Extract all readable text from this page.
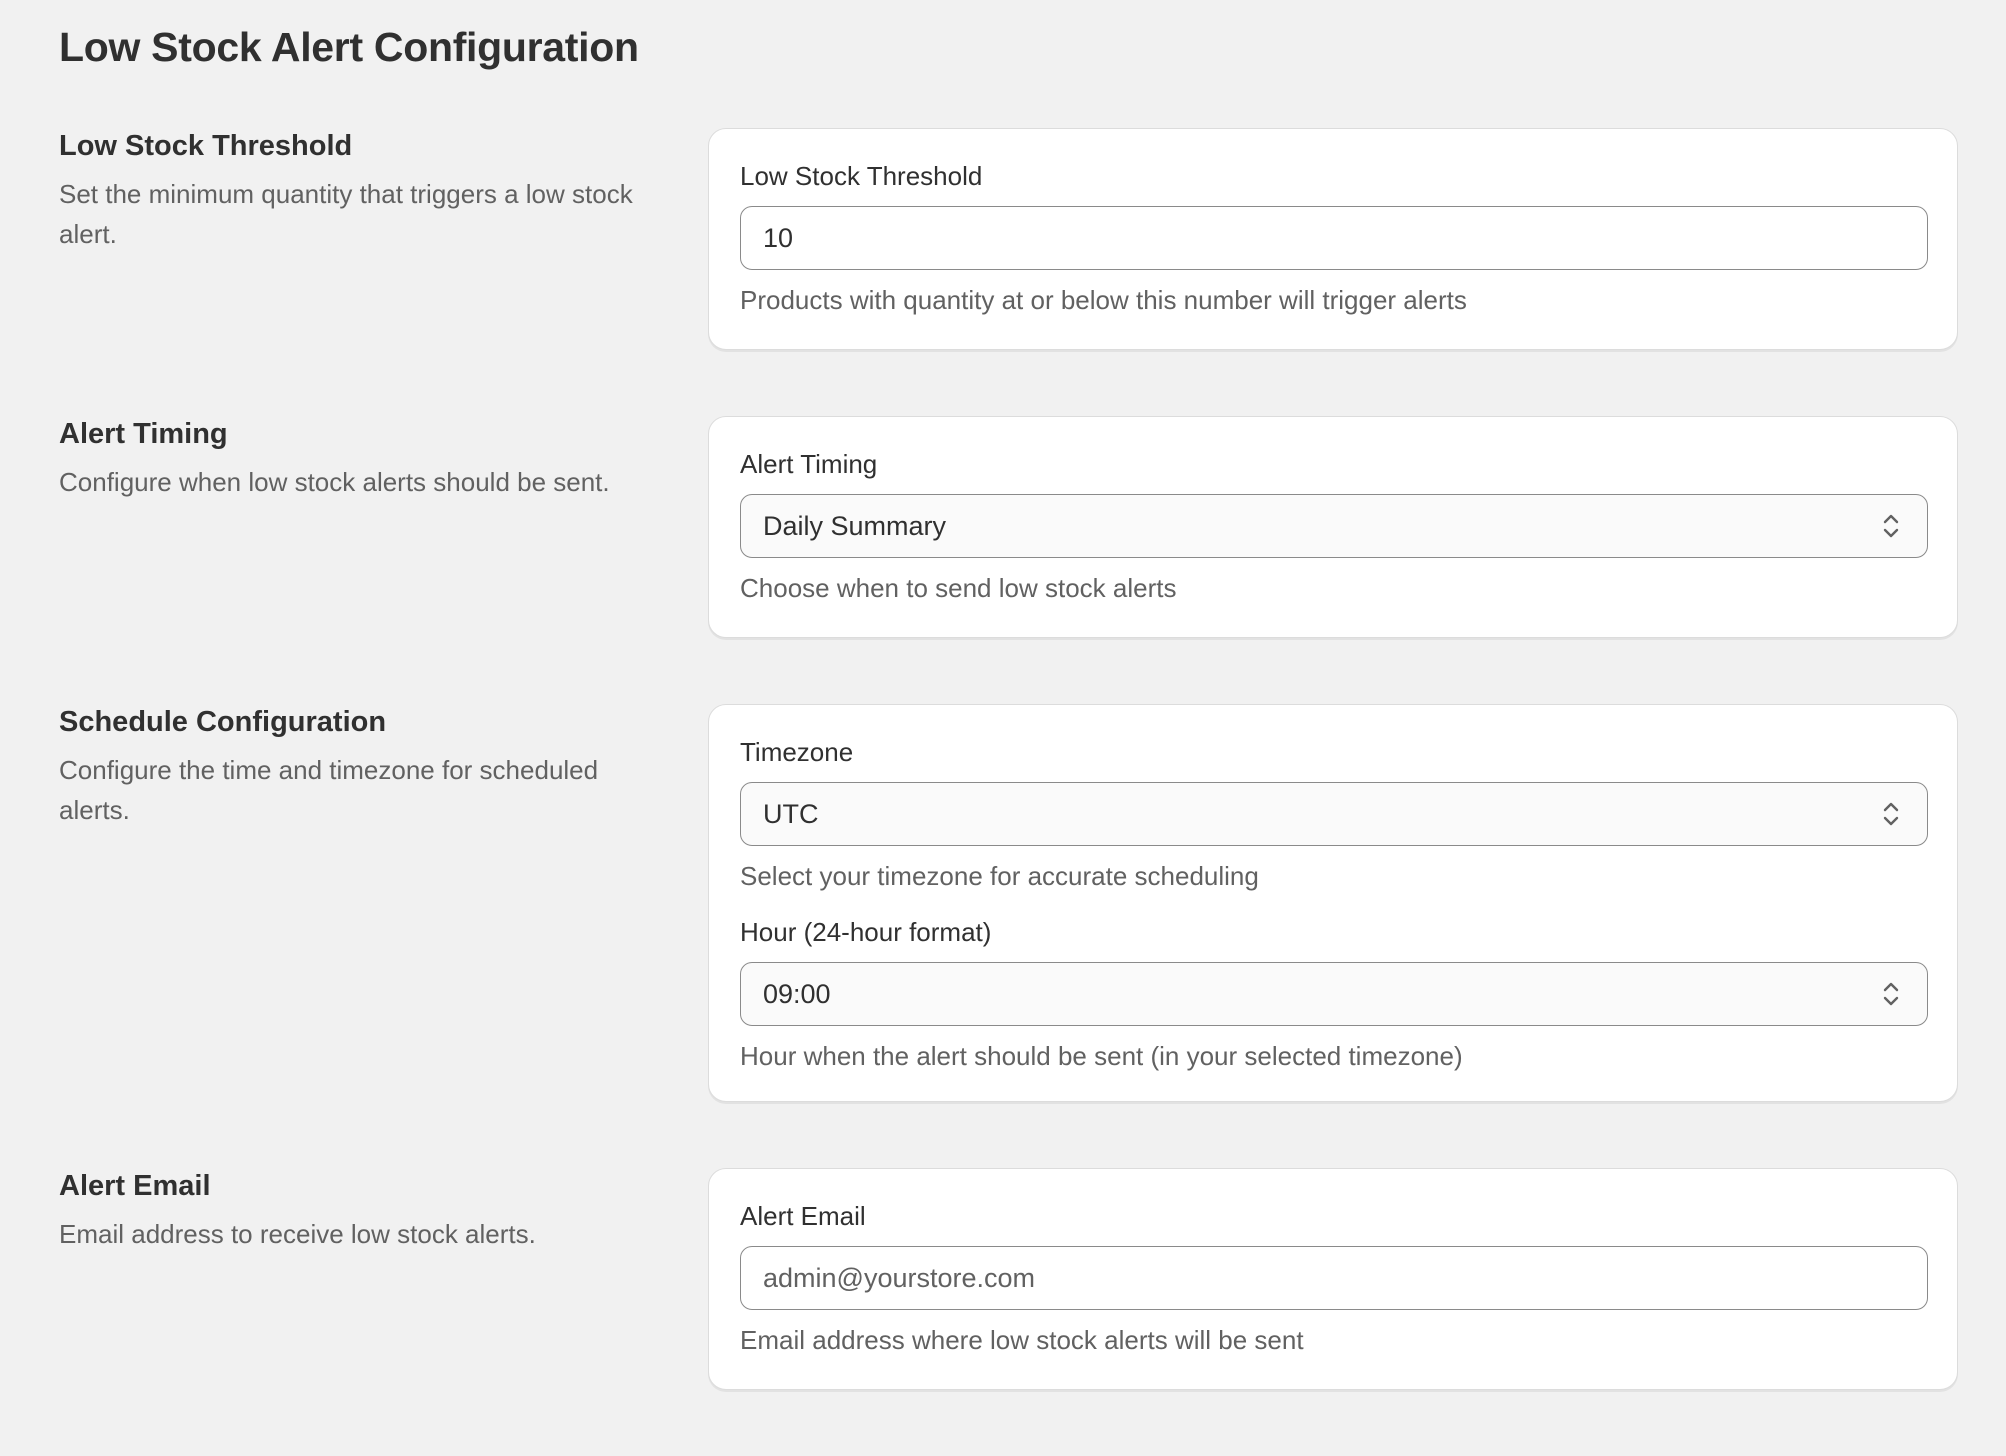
Low Stock Alert Configuration
Low Stock Threshold

Set the minimum quantity that triggers a low stock alert.

Low Stock Threshold
10
Products with quantity at or below this number will trigger alerts
Alert Timing

Configure when low stock alerts should be sent.

Alert Timing
Daily Summary
Choose when to send low stock alerts
Schedule Configuration

Configure the time and timezone for scheduled alerts.

Timezone
UTC
Select your timezone for accurate scheduling
Hour (24-hour format)
09:00
Hour when the alert should be sent (in your selected timezone)
Alert Email

Email address to receive low stock alerts.

Alert Email
admin@yourstore.com
Email address where low stock alerts will be sent
